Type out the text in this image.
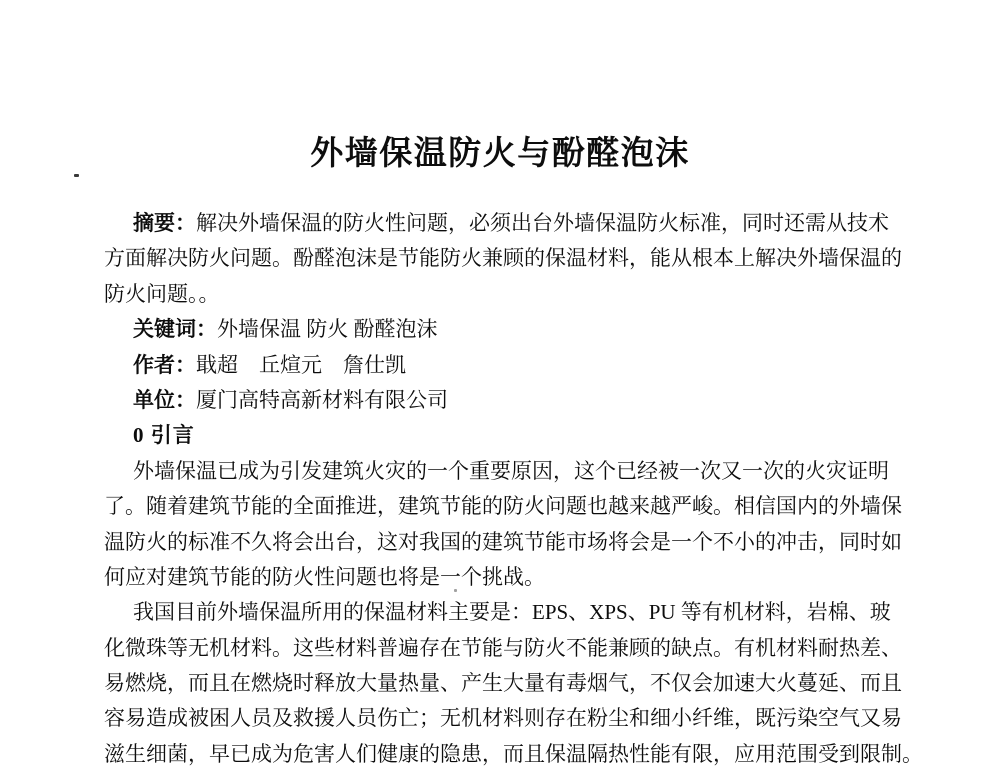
外墙保温防火与酚醛泡沫
摘要：解决外墙保温的防火性问题，必须出台外墙保温防火标准，同时还需从技术
方面解决防火问题。酚醛泡沫是节能防火兼顾的保温材料，能从根本上解决外墙保温的
防火问题。。
关键词：外墙保温 防火 酚醛泡沫
作者：戢超　丘煊元　詹仕凯
单位：厦门高特高新材料有限公司
0 引言
外墙保温已成为引发建筑火灾的一个重要原因，这个已经被一次又一次的火灾证明
了。随着建筑节能的全面推进，建筑节能的防火问题也越来越严峻。相信国内的外墙保
温防火的标准不久将会出台，这对我国的建筑节能市场将会是一个不小的冲击，同时如
何应对建筑节能的防火性问题也将是一个挑战。
我国目前外墙保温所用的保温材料主要是：EPS、XPS、PU 等有机材料，岩棉、玻
化微珠等无机材料。这些材料普遍存在节能与防火不能兼顾的缺点。有机材料耐热差、
易燃烧，而且在燃烧时释放大量热量、产生大量有毒烟气，不仅会加速大火蔓延、而且
容易造成被困人员及救援人员伤亡；无机材料则存在粉尘和细小纤维，既污染空气又易
滋生细菌，早已成为危害人们健康的隐患，而且保温隔热性能有限，应用范围受到限制。
